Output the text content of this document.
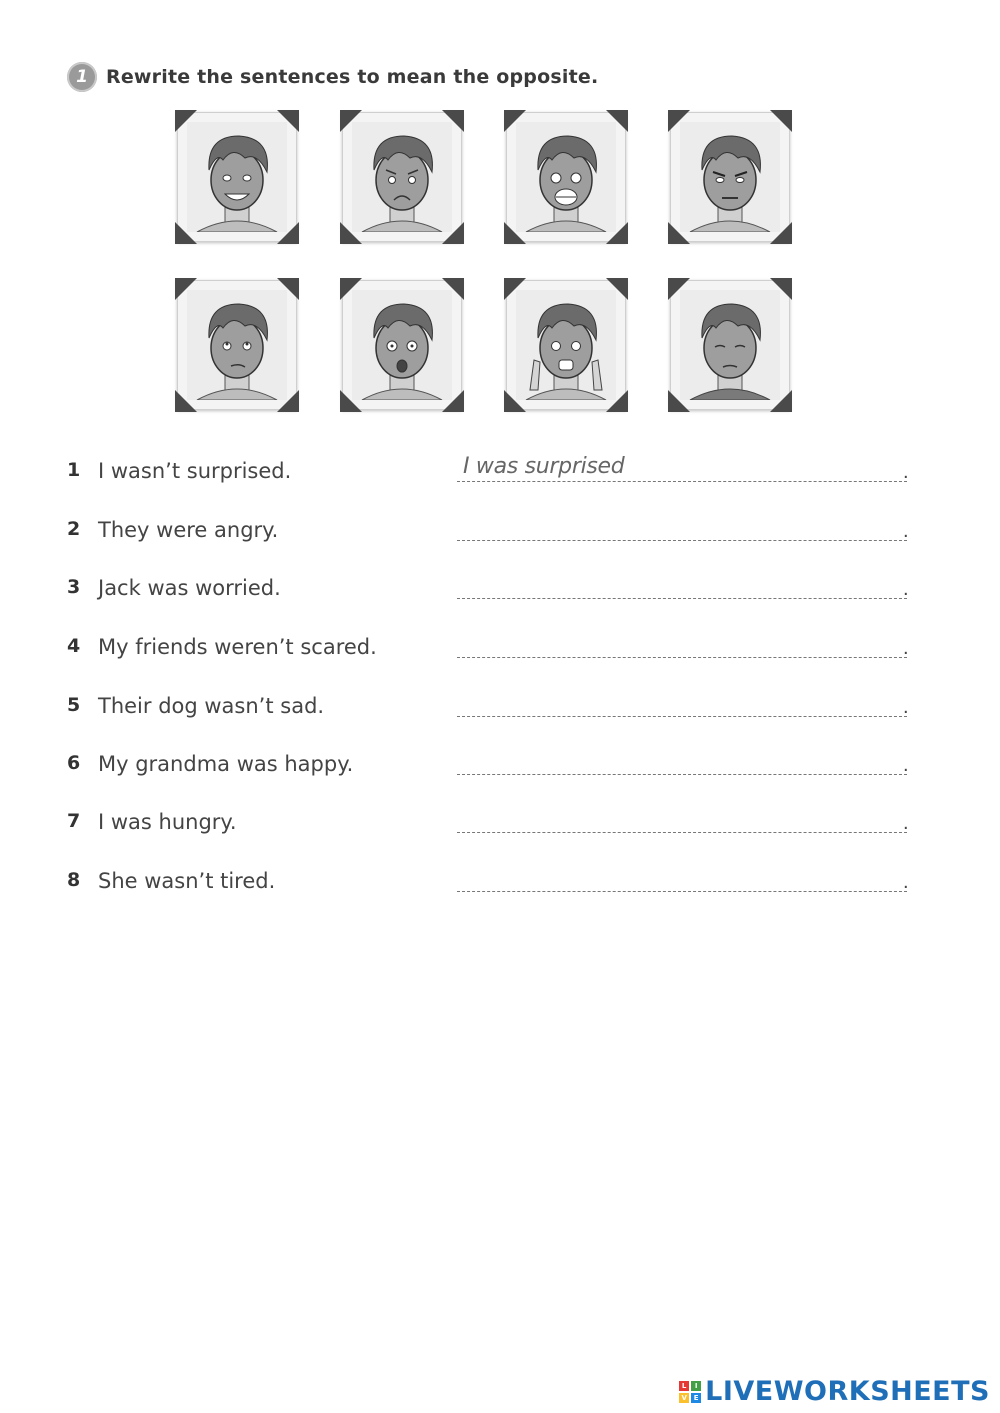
1 Rewrite the sentences to mean the opposite.
1 I wasn’t surprised.	I was surprised	.
2 They were angry.	.
3 Jack was worried.	.
4 My friends weren’t scared.	.
5 Their dog wasn’t sad.	.
6 My grandma was happy.	.
7 I was hungry.	.
8 She wasn’t tired.	.
L	I
V E LIVEWORKSHEETS
